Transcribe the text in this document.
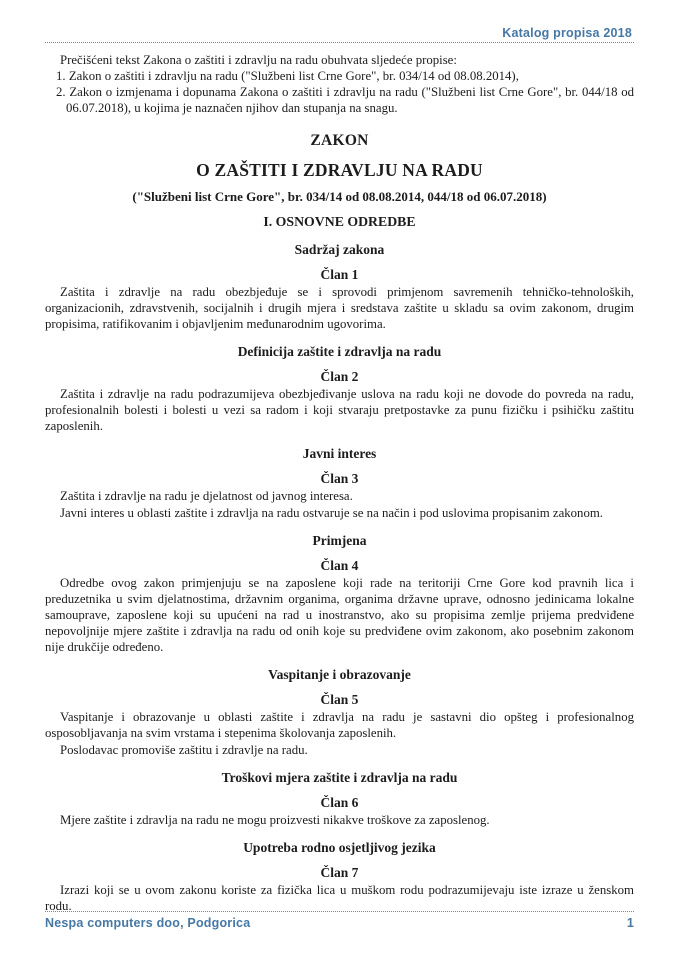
Katalog propisa 2018

Prečišćeni tekst Zakona o zaštiti i zdravlju na radu obuhvata sljedeće propise:

1. Zakon o zaštiti i zdravlju na radu ("Službeni list Crne Gore", br. 034/14 od 08.08.2014),
2. Zakon o izmjenama i dopunama Zakona o zaštiti i zdravlju na radu ("Službeni list Crne Gore", br. 044/18 od 06.07.2018), u kojima je naznačen njihov dan stupanja na snagu.
ZAKON
O ZAŠTITI I ZDRAVLJU NA RADU
("Službeni list Crne Gore", br. 034/14 od 08.08.2014, 044/18 od 06.07.2018)
I. OSNOVNE ODREDBE
Sadržaj zakona
Član 1

Zaštita i zdravlje na radu obezbjeđuje se i sprovodi primjenom savremenih tehničko-tehnoloških, organizacionih, zdravstvenih, socijalnih i drugih mjera i sredstava zaštite u skladu sa ovim zakonom, drugim propisima, ratifikovanim i objavljenim međunarodnim ugovorima.

Definicija zaštite i zdravlja na radu
Član 2

Zaštita i zdravlje na radu podrazumijeva obezbjeđivanje uslova na radu koji ne dovode do povreda na radu, profesionalnih bolesti i bolesti u vezi sa radom i koji stvaraju pretpostavke za punu fizičku i psihičku zaštitu zaposlenih.

Javni interes
Član 3

Zaštita i zdravlje na radu je djelatnost od javnog interesa.

Javni interes u oblasti zaštite i zdravlja na radu ostvaruje se na način i pod uslovima propisanim zakonom.

Primjena
Član 4

Odredbe ovog zakon primjenjuju se na zaposlene koji rade na teritoriji Crne Gore kod pravnih lica i preduzetnika u svim djelatnostima, državnim organima, organima državne uprave, odnosno jedinicama lokalne samouprave, zaposlene koji su upućeni na rad u inostranstvo, ako su propisima zemlje prijema predviđene nepovoljnije mjere zaštite i zdravlja na radu od onih koje su predviđene ovim zakonom, ako posebnim zakonom nije drukčije određeno.

Vaspitanje i obrazovanje
Član 5

Vaspitanje i obrazovanje u oblasti zaštite i zdravlja na radu je sastavni dio opšteg i profesionalnog osposobljavanja na svim vrstama i stepenima školovanja zaposlenih.

Poslodavac promoviše zaštitu i zdravlje na radu.

Troškovi mjera zaštite i zdravlja na radu
Član 6

Mjere zaštite i zdravlja na radu ne mogu proizvesti nikakve troškove za zaposlenog.

Upotreba rodno osjetljivog jezika
Član 7

Izrazi koji se u ovom zakonu koriste za fizička lica u muškom rodu podrazumijevaju iste izraze u ženskom rodu.

Nespa computers doo, Podgorica	1
